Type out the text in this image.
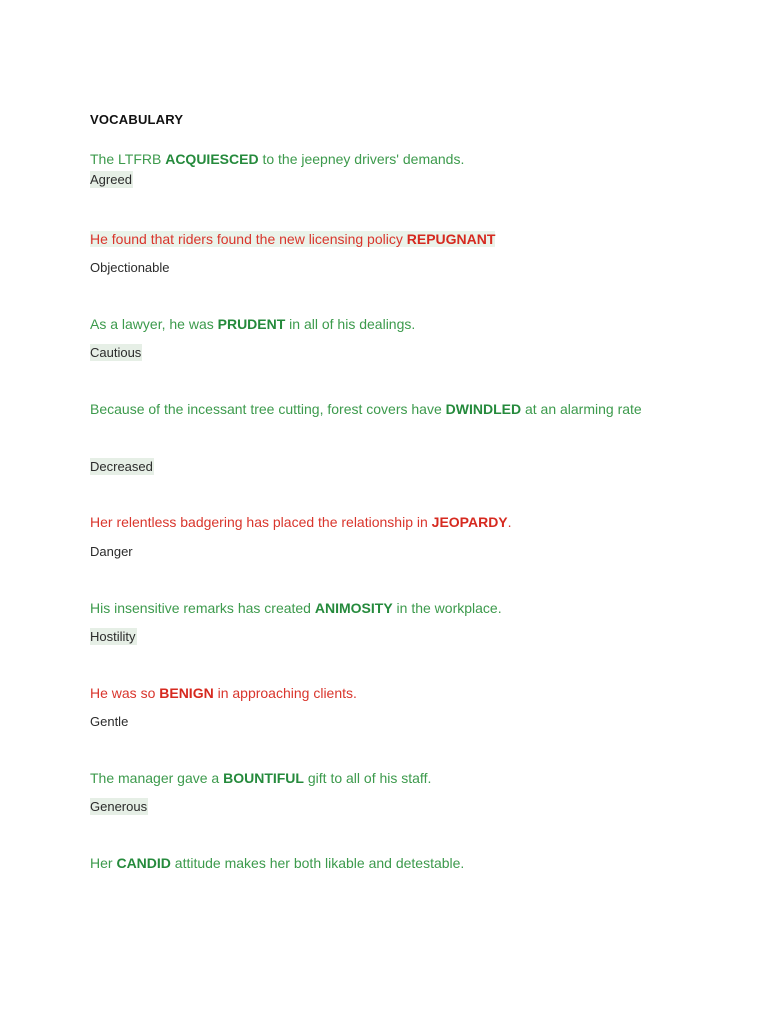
VOCABULARY
The LTFRB ACQUIESCED to the jeepney drivers' demands.
Agreed
He found that riders found the new licensing policy REPUGNANT
Objectionable
As a lawyer, he was PRUDENT in all of his dealings.
Cautious
Because of the incessant tree cutting, forest covers have DWINDLED at an alarming rate
Decreased
Her relentless badgering has placed the relationship in JEOPARDY.
Danger
His insensitive remarks has created ANIMOSITY in the workplace.
Hostility
He was so BENIGN in approaching clients.
Gentle
The manager gave a BOUNTIFUL gift to all of his staff.
Generous
Her CANDID attitude makes her both likable and detestable.
